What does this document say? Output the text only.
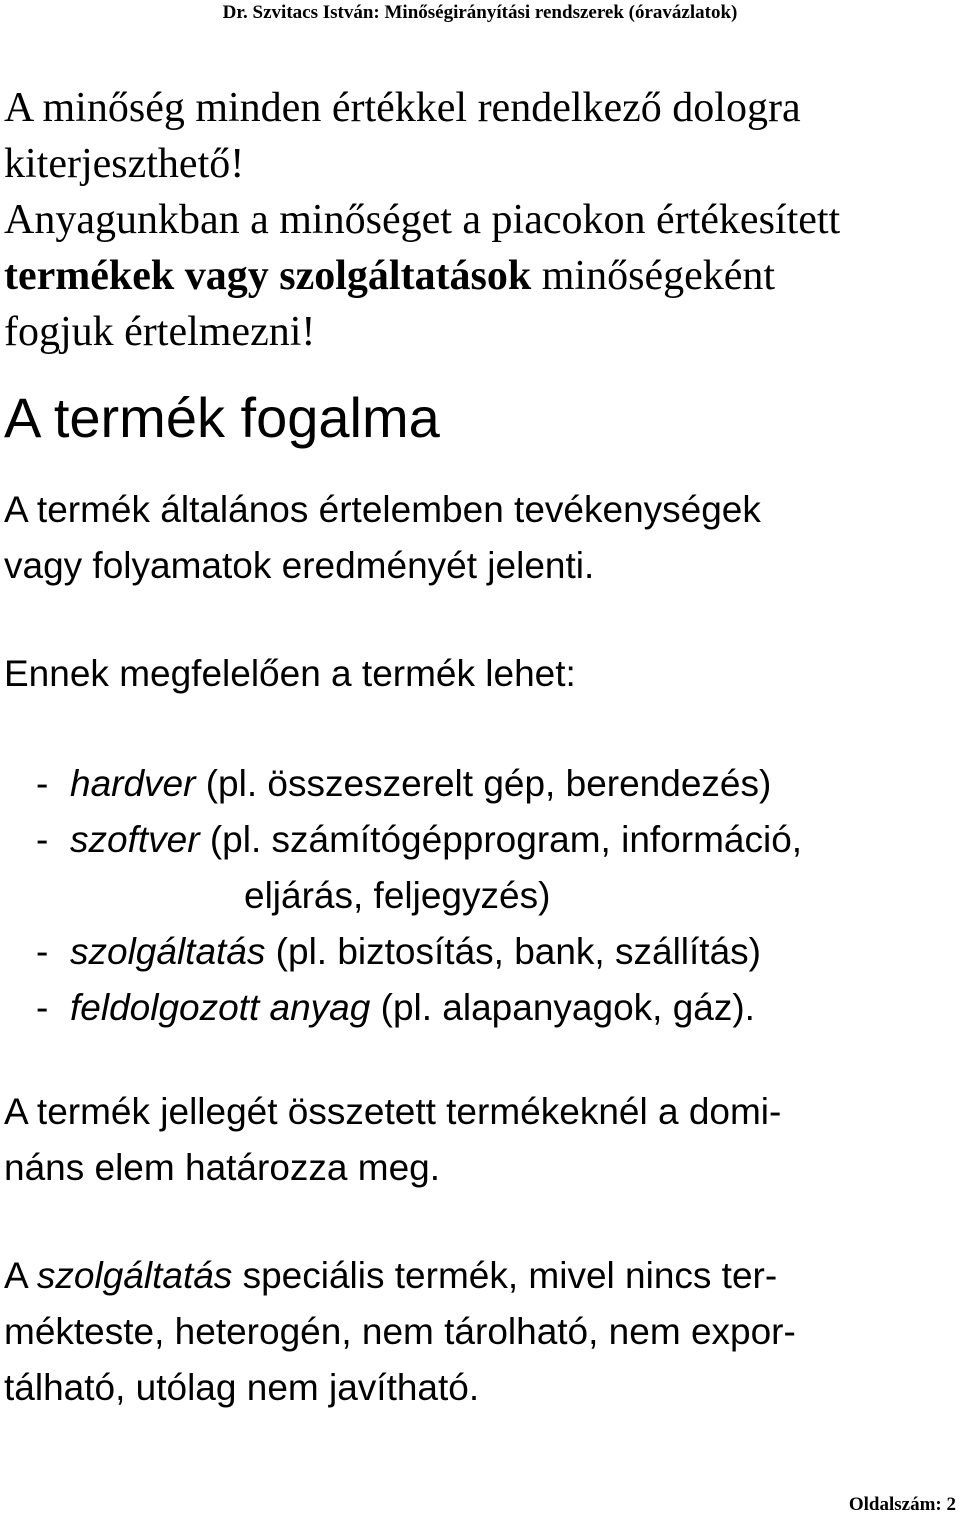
Dr. Szvitacs István: Minőségirányítási rendszerek (óravázlatok)
A minőség minden értékkel rendelkező dologra
kiterjeszthető!
Anyagunkban a minőséget a piacokon értékesített
termékek vagy szolgáltatások minőségeként
fogjuk értelmezni!
A termék fogalma
A termék általános értelemben tevékenységek
vagy folyamatok eredményét jelenti.
Ennek megfelelően a termék lehet:
- hardver (pl. összeszerelt gép, berendezés)
- szoftver (pl. számítógépprogram, információ,
eljárás, feljegyzés)
- szolgáltatás (pl. biztosítás, bank, szállítás)
- feldolgozott anyag (pl. alapanyagok, gáz).
A termék jellegét összetett termékeknél a domi-
náns elem határozza meg.
A szolgáltatás speciális termék, mivel nincs ter-
mékteste, heterogén, nem tárolható, nem expor-
tálható, utólag nem javítható.
Oldalszám: 2
